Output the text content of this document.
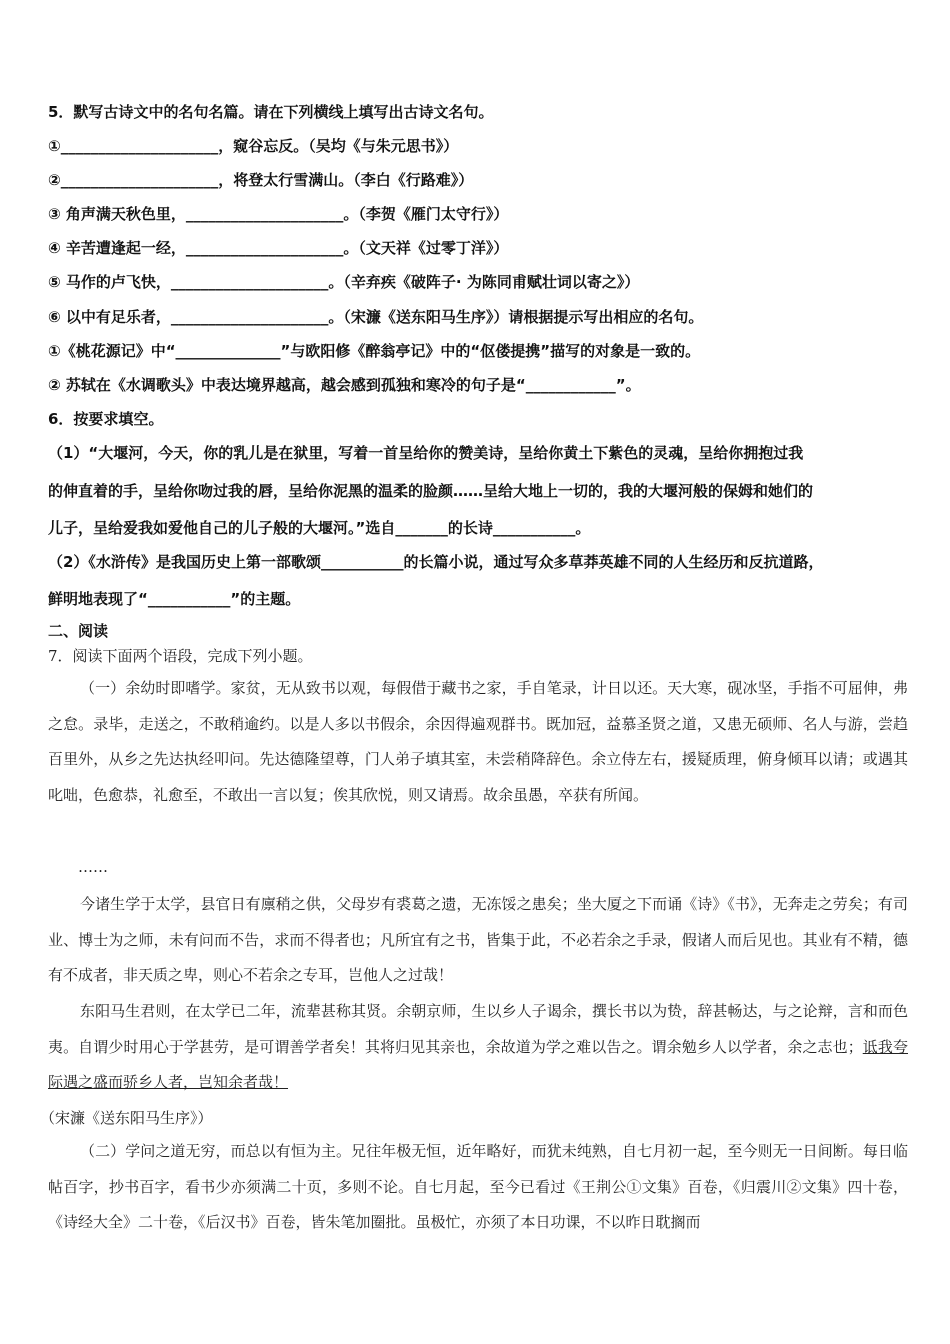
5．默写古诗文中的名句名篇。请在下列横线上填写出古诗文名句。
①_____________________，窥谷忘反。（吴均《与朱元思书》）
②_____________________，将登太行雪满山。（李白《行路难》）
③ 角声满天秋色里，_____________________。（李贺《雁门太守行》）
④ 辛苦遭逢起一经，_____________________。（文天祥《过零丁洋》）
⑤ 马作的卢飞快，_____________________。（辛弃疾《破阵子· 为陈同甫赋壮词以寄之》）
⑥ 以中有足乐者，_____________________。（宋濂《送东阳马生序》）请根据提示写出相应的名句。
①《桃花源记》中“______________”与欧阳修《醉翁亭记》中的“伛偻提携”描写的对象是一致的。
② 苏轼在《水调歌头》中表达境界越高，越会感到孤独和寒冷的句子是“____________”。
6．按要求填空。
（1）“大堰河，今天，你的乳儿是在狱里，写着一首呈给你的赞美诗，呈给你黄土下紫色的灵魂，呈给你拥抱过我
的伸直着的手，呈给你吻过我的唇，呈给你泥黑的温柔的脸颜……呈给大地上一切的，我的大堰河般的保姆和她们的
儿子，呈给爱我如爱他自己的儿子般的大堰河。”选自_______的长诗___________。
（2）《水浒传》是我国历史上第一部歌颂___________的长篇小说，通过写众多草莽英雄不同的人生经历和反抗道路，
鲜明地表现了“___________”的主题。
二、阅读
7．阅读下面两个语段，完成下列小题。
（一）余幼时即嗜学。家贫，无从致书以观，每假借于藏书之家，手自笔录，计日以还。天大寒，砚冰坚，手指不可屈伸，弗之怠。录毕，走送之，不敢稍逾约。以是人多以书假余，余因得遍观群书。既加冠，益慕圣贤之道，又患无硕师、名人与游，尝趋百里外，从乡之先达执经叩问。先达德隆望尊，门人弟子填其室，未尝稍降辞色。余立侍左右，援疑质理，俯身倾耳以请；或遇其叱咄，色愈恭，礼愈至，不敢出一言以复；俟其欣悦，则又请焉。故余虽愚，卒获有所闻。
……
今诸生学于太学，县官日有廪稍之供，父母岁有裘葛之遗，无冻馁之患矣；坐大厦之下而诵《诗》《书》，无奔走之劳矣；有司业、博士为之师，未有问而不告，求而不得者也；凡所宜有之书，皆集于此，不必若余之手录，假诸人而后见也。其业有不精，德有不成者，非天质之卑，则心不若余之专耳，岂他人之过哉！
东阳马生君则，在太学已二年，流辈甚称其贤。余朝京师，生以乡人子谒余，撰长书以为贽，辞甚畅达，与之论辩，言和而色夷。自谓少时用心于学甚劳，是可谓善学者矣！其将归见其亲也，余故道为学之难以告之。谓余勉乡人以学者，余之志也；诋我夸际遇之盛而骄乡人者，岂知余者哉！
（宋濂《送东阳马生序》）
（二）学问之道无穷，而总以有恒为主。兄往年极无恒，近年略好，而犹未纯熟，自七月初一起，至今则无一日间断。每日临帖百字，抄书百字，看书少亦须满二十页，多则不论。自七月起，至今已看过《王荆公①文集》百卷，《归震川②文集》四十卷，《诗经大全》二十卷，《后汉书》百卷，皆朱笔加圈批。虽极忙，亦须了本日功课，不以昨日耽搁而
